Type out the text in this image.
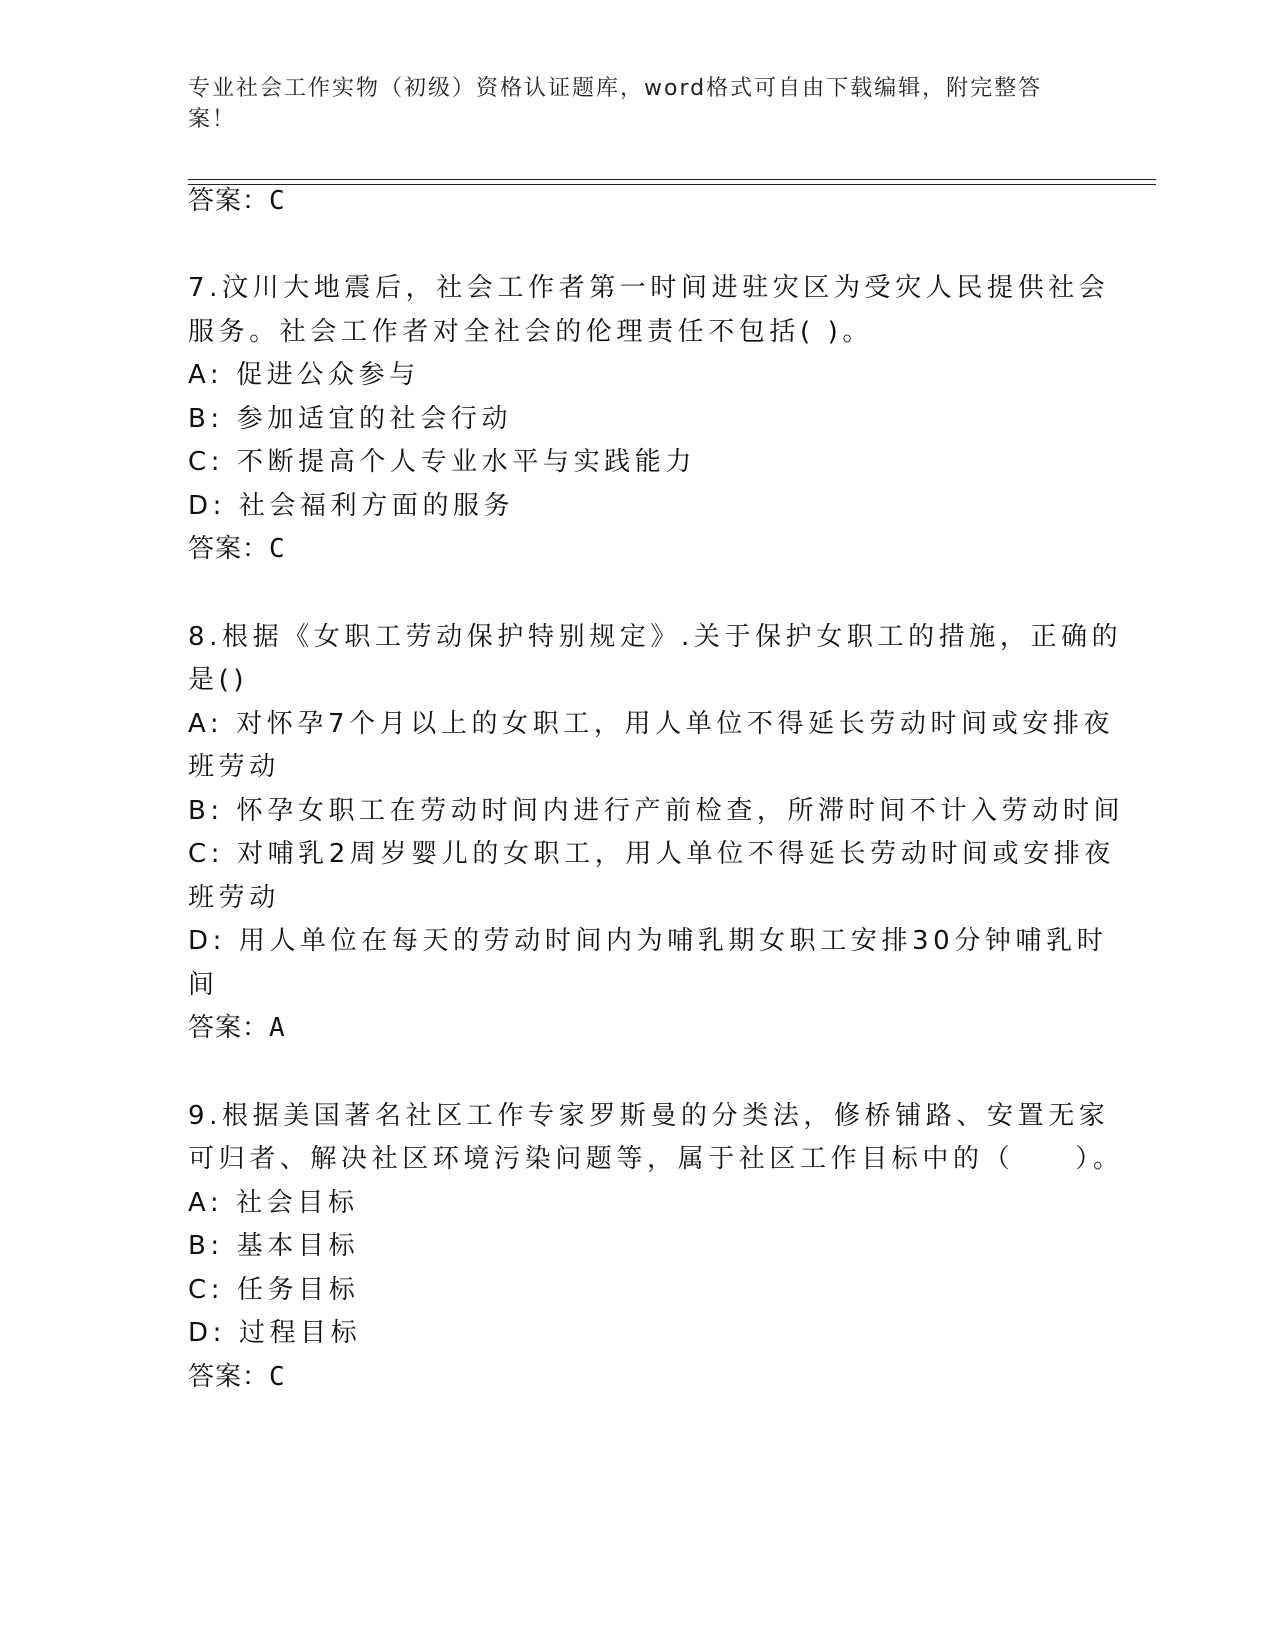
专业社会工作实物（初级）资格认证题库，word格式可自由下载编辑，附完整答
案！
答案：C
7.汶川大地震后，社会工作者第一时间进驻灾区为受灾人民提供社会
服务。社会工作者对全社会的伦理责任不包括( )。
A: 促进公众参与
B: 参加适宜的社会行动
C: 不断提高个人专业水平与实践能力
D: 社会福利方面的服务
答案：C
8.根据《女职工劳动保护特别规定》.关于保护女职工的措施，正确的
是()
A: 对怀孕7个月以上的女职工，用人单位不得延长劳动时间或安排夜
班劳动
B: 怀孕女职工在劳动时间内进行产前检查，所滞时间不计入劳动时间
C: 对哺乳2周岁婴儿的女职工，用人单位不得延长劳动时间或安排夜
班劳动
D: 用人单位在每天的劳动时间内为哺乳期女职工安排30分钟哺乳时
间
答案：A
9.根据美国著名社区工作专家罗斯曼的分类法，修桥铺路、安置无家
可归者、解决社区环境污染问题等，属于社区工作目标中的（　　）。
A: 社会目标
B: 基本目标
C: 任务目标
D: 过程目标
答案：C
